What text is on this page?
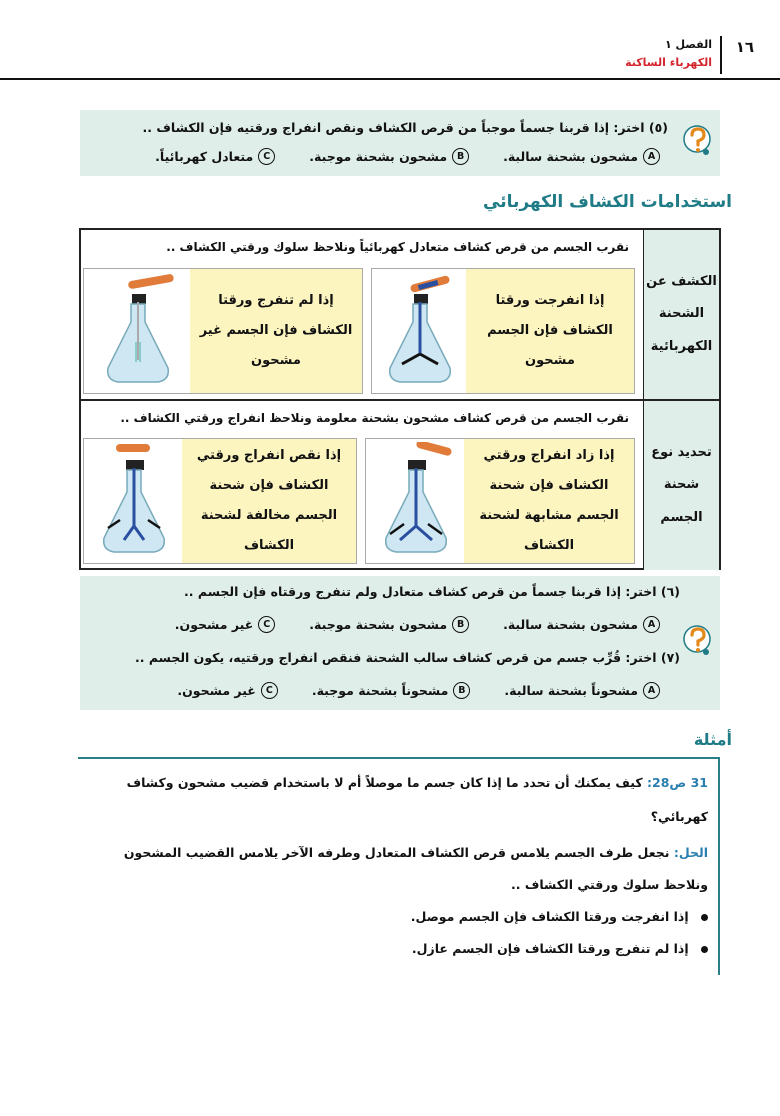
١٦
الفصل ١
الكهرباء الساكنة
(٥) اختر: إذا قربنا جسماً موجباً من قرص الكشاف ونقص انفراج ورقتيه فإن الكشاف ..
A
مشحون بشحنة سالبة.
B
مشحون بشحنة موجبة.
C
متعادل كهربائياً.
استخدامات الكشاف الكهربائي
الكشف عن الشحنة الكهربائية
نقرب الجسم من قرص كشاف متعادل كهربائياً ونلاحظ سلوك ورقتي الكشاف ..
إذا انفرجت ورقتا الكشاف فإن الجسم مشحون
إذا لم تنفرج ورقتا الكشاف فإن الجسم غير مشحون
تحديد نوع شحنة الجسم
نقرب الجسم من قرص كشاف مشحون بشحنة معلومة ونلاحظ انفراج ورقتي الكشاف ..
إذا زاد انفراج ورقتي الكشاف فإن شحنة الجسم مشابهة لشحنة الكشاف
إذا نقص انفراج ورقتي الكشاف فإن شحنة الجسم مخالفة لشحنة الكشاف
(٦) اختر: إذا قربنا جسماً من قرص كشاف متعادل ولم تنفرج ورقتاه فإن الجسم ..
A
مشحون بشحنة سالبة.
B
مشحون بشحنة موجبة.
C
غير مشحون.
(٧) اختر: قُرِّب جسم من قرص كشاف سالب الشحنة فنقص انفراج ورقتيه، يكون الجسم ..
A
مشحوناً بشحنة سالبة.
B
مشحوناً بشحنة موجبة.
C
غير مشحون.
أمثلة
31 ص28: كيف يمكنك أن تحدد ما إذا كان جسم ما موصلاً أم لا باستخدام قضيب مشحون وكشاف
كهربائي؟
الحل: نجعل طرف الجسم يلامس قرص الكشاف المتعادل وطرفه الآخر يلامس القضيب المشحون
ونلاحظ سلوك ورقتي الكشاف ..
إذا انفرجت ورقتا الكشاف فإن الجسم موصل.
إذا لم تنفرج ورقتا الكشاف فإن الجسم عازل.
